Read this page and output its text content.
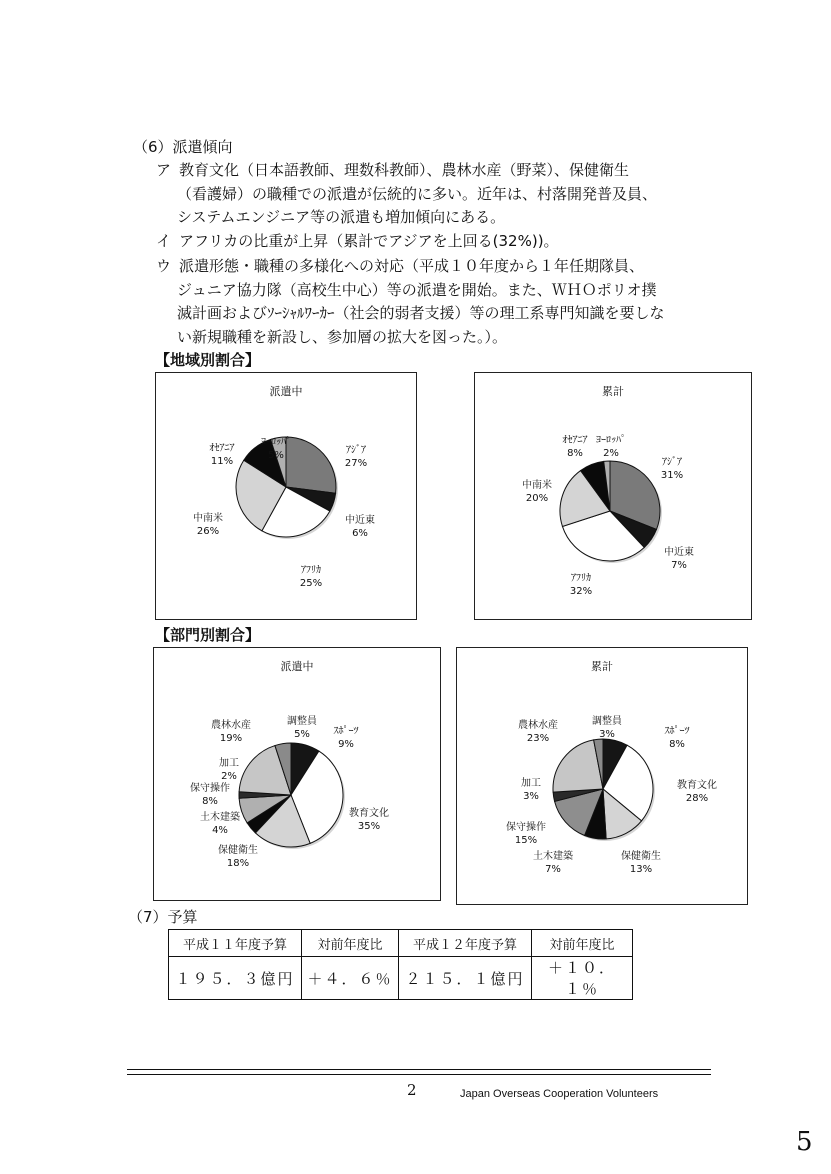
（6）派遣傾向
ア 教育文化（日本語教師、理数科教師）、農林水産（野菜）、保健衛生
（看護婦）の職種での派遣が伝統的に多い。近年は、村落開発普及員、
システムエンジニア等の派遣も増加傾向にある。
イ アフリカの比重が上昇（累計でアジアを上回る(32%))。
ウ 派遣形態・職種の多様化への対応（平成１０年度から１年任期隊員、
ジュニア協力隊（高校生中心）等の派遣を開始。また、ＷＨＯポリオ撲
滅計画およびｿｰｼｬﾙﾜｰｶｰ（社会的弱者支援）等の理工系専門知識を要しな
い新規職種を新設し、参加層の拡大を図った。）。
【地域別割合】
派遣中
ｱｼﾞｱ
27%
中近東
6%
ｱﾌﾘｶ
25%
中南米
26%
ｵｾｱﾆｱ
11%
ﾖｰﾛｯﾊﾟ
5%
累計
ｱｼﾞｱ
31%
中近東
7%
ｱﾌﾘｶ
32%
中南米
20%
ｵｾｱﾆｱ
8%
ﾖｰﾛｯﾊﾟ
2%
【部門別割合】
派遣中
ｽﾎﾟｰﾂ
9%
教育文化
35%
保健衛生
18%
土木建築
4%
保守操作
8%
加工
2%
農林水産
19%
調整員
5%
累計
ｽﾎﾟｰﾂ
8%
教育文化
28%
保健衛生
13%
土木建築
7%
保守操作
15%
加工
3%
農林水産
23%
調整員
3%
（7）予算
平成１１年度予算	対前年度比	平成１２年度予算	対前年度比
１９５．３億円	＋４．６％	２１５．１億円	＋１０．１％
2	Japan Overseas Cooperation Volunteers
5
